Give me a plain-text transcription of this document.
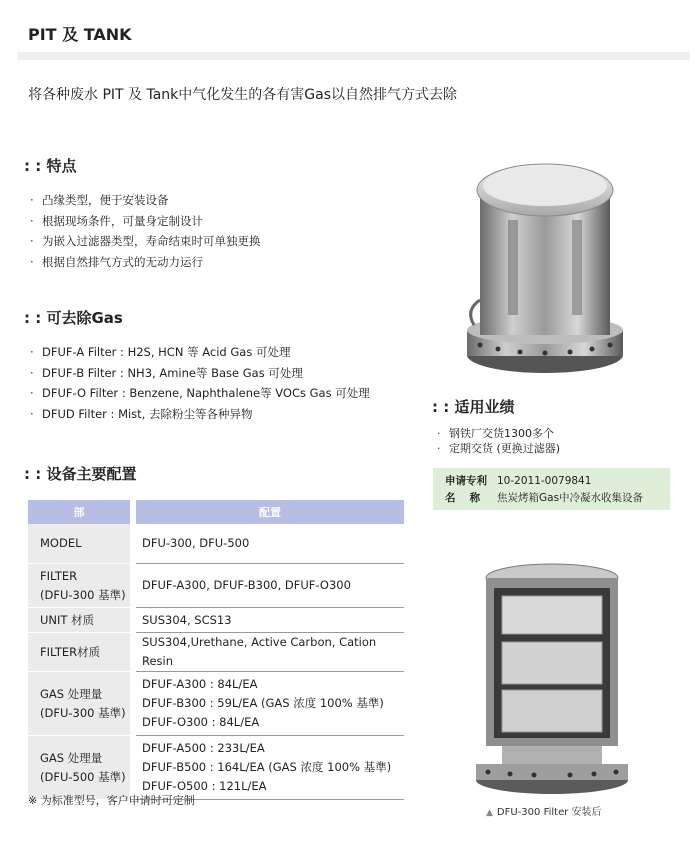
PIT 及 TANK
将各种废水 PIT 及 Tank中气化发生的各有害Gas以自然排气方式去除
: : 特点
· 凸缘类型，便于安装设备
· 根据现场条件，可量身定制设计
· 为嵌入过滤器类型，寿命结束时可单独更换
· 根据自然排气方式的无动力运行
: : 可去除Gas
· DFUF-A Filter : H2S, HCN 等 Acid Gas 可处理
· DFUF-B Filter : NH3, Amine等 Base Gas 可处理
· DFUF-O Filter : Benzene, Naphthalene等 VOCs Gas 可处理
· DFUD Filter : Mist, 去除粉尘等各种异物
: : 设备主要配置
部		配置
MODEL		DFU-300, DFU-500
FILTER
(DFU-300 基準)		DFUF-A300, DFUF-B300, DFUF-O300
UNIT 材质		SUS304, SCS13
FILTER材质		SUS304,Urethane, Active Carbon, Cation Resin
GAS 处理量
(DFU-300 基準)		DFUF-A300 : 84L/EA
DFUF-B300 : 59L/EA (GAS 浓度 100% 基準)
DFUF-O300 : 84L/EA
GAS 处理量
(DFU-500 基準)		DFUF-A500 : 233L/EA
DFUF-B500 : 164L/EA (GAS 浓度 100% 基準)
DFUF-O500 : 121L/EA
※ 为标准型号，客户申请时可定制
: : 适用业绩
· 钢铁厂交货1300多个
· 定期交货 (更换过滤器)
申请专利 10-2011-0079841
名　 称 焦炭烤箱Gas中冷凝水收集设备
▲ DFU-300 Filter 安装后
